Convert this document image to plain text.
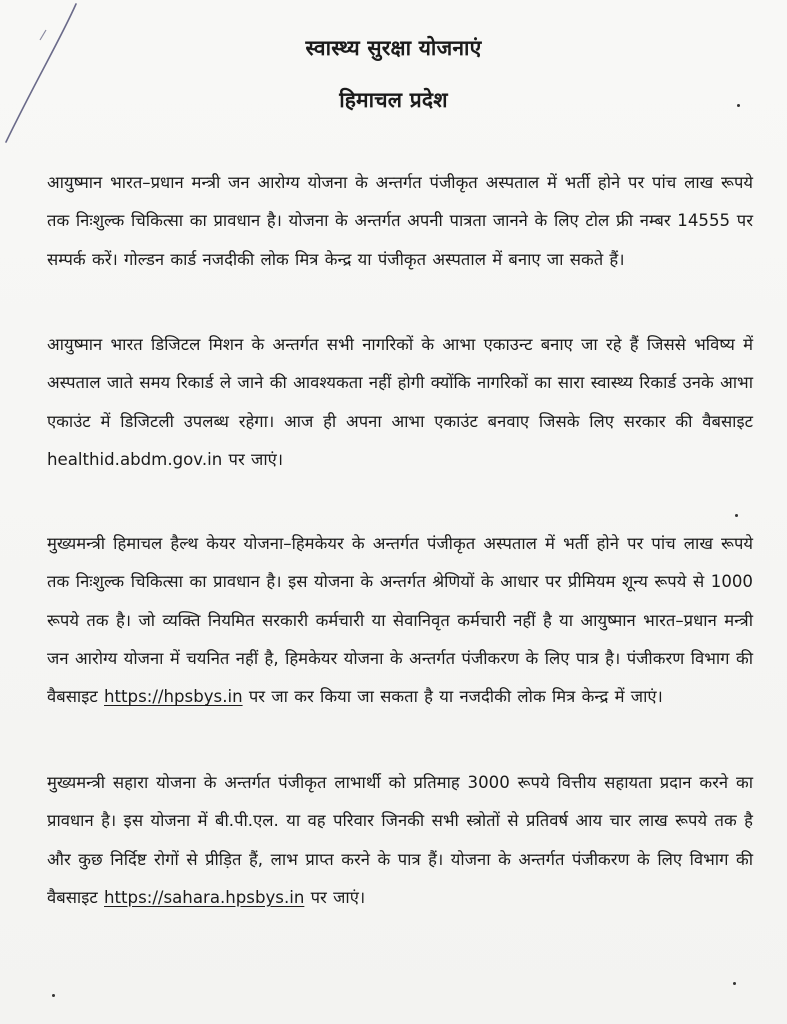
स्वास्थ्य सुरक्षा योजनाएं
हिमाचल प्रदेश
आयुष्मान भारत–प्रधान मन्त्री जन आरोग्य योजना के अन्तर्गत पंजीकृत अस्पताल में भर्ती होने पर पांच लाख रूपये तक निःशुल्क चिकित्सा का प्रावधान है। योजना के अन्तर्गत अपनी पात्रता जानने के लिए टोल फ्री नम्बर 14555 पर सम्पर्क करें। गोल्डन कार्ड नजदीकी लोक मित्र केन्द्र या पंजीकृत अस्पताल में बनाए जा सकते हैं।
आयुष्मान भारत डिजिटल मिशन के अन्तर्गत सभी नागरिकों के आभा एकाउन्ट बनाए जा रहे हैं जिससे भविष्य में अस्पताल जाते समय रिकार्ड ले जाने की आवश्यकता नहीं होगी क्योंकि नागरिकों का सारा स्वास्थ्य रिकार्ड उनके आभा एकाउंट में डिजिटली उपलब्ध रहेगा। आज ही अपना आभा एकाउंट बनवाए जिसके लिए सरकार की वैबसाइट healthid.abdm.gov.in पर जाएं।
मुख्यमन्त्री हिमाचल हैल्थ केयर योजना–हिमकेयर के अन्तर्गत पंजीकृत अस्पताल में भर्ती होने पर पांच लाख रूपये तक निःशुल्क चिकित्सा का प्रावधान है। इस योजना के अन्तर्गत श्रेणियों के आधार पर प्रीमियम शून्य रूपये से 1000 रूपये तक है। जो व्यक्ति नियमित सरकारी कर्मचारी या सेवानिवृत कर्मचारी नहीं है या आयुष्मान भारत–प्रधान मन्त्री जन आरोग्य योजना में चयनित नहीं है, हिमकेयर योजना के अन्तर्गत पंजीकरण के लिए पात्र है। पंजीकरण विभाग की वैबसाइट https://hpsbys.in पर जा कर किया जा सकता है या नजदीकी लोक मित्र केन्द्र में जाएं।
मुख्यमन्त्री सहारा योजना के अन्तर्गत पंजीकृत लाभार्थी को प्रतिमाह 3000 रूपये वित्तीय सहायता प्रदान करने का प्रावधान है। इस योजना में बी.पी.एल. या वह परिवार जिनकी सभी स्त्रोतों से प्रतिवर्ष आय चार लाख रूपये तक है और कुछ निर्दिष्ट रोगों से प्रीड़ित हैं, लाभ प्राप्त करने के पात्र हैं। योजना के अन्तर्गत पंजीकरण के लिए विभाग की वैबसाइट https://sahara.hpsbys.in पर जाएं।
